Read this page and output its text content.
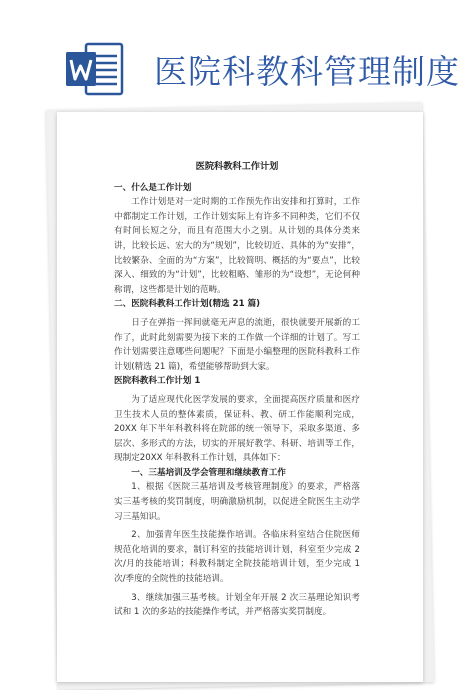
医院科教科管理制度

医院科教科工作计划

一、什么是工作计划

工作计划是对一定时期的工作预先作出安排和打算时，工作中都制定工作计划，工作计划实际上有许多不同种类，它们不仅有时间长短之分，而且有范围大小之别。从计划的具体分类来讲，比较长远、宏大的为“规划”，比较切近、具体的为“安排”，比较繁杂、全面的为“方案”，比较简明、概括的为“要点”，比较深入、细致的为“计划”，比较粗略、雏形的为“设想”，无论何种称谓，这些都是计划的范畴。

二、医院科教科工作计划(精选 21 篇)

日子在弹指一挥间就毫无声息的流逝，很快就要开展新的工作了，此时此刻需要为接下来的工作做一个详细的计划了。写工作计划需要注意哪些问题呢？下面是小编整理的医院科教科工作计划(精选 21 篇)，希望能够帮助到大家。

医院科教科工作计划 1

为了适应现代化医学发展的要求，全面提高医疗质量和医疗卫生技术人员的整体素质，保证科、教、研工作能顺利完成，20XX 年下半年科教科将在院部的统一领导下，采取多渠道、多层次、多形式的方法，切实的开展好教学、科研、培训等工作，现制定20XX 年科教科工作计划，具体如下：

一、三基培训及学会管理和继续教育工作

1、根据《医院三基培训及考核管理制度》的要求，严格落实三基考核的奖罚制度，明确激励机制，以促进全院医生主动学习三基知识。

2、加强青年医生技能操作培训。各临床科室结合住院医师规范化培训的要求，制订科室的技能培训计划，科室至少完成 2 次/月的技能培训；科教科制定全院技能培训计划，至少完成 1 次/季度的全院性的技能培训。

3、继续加强三基考核。计划全年开展 2 次三基理论知识考试和 1 次的多站的技能操作考试，并严格落实奖罚制度。
